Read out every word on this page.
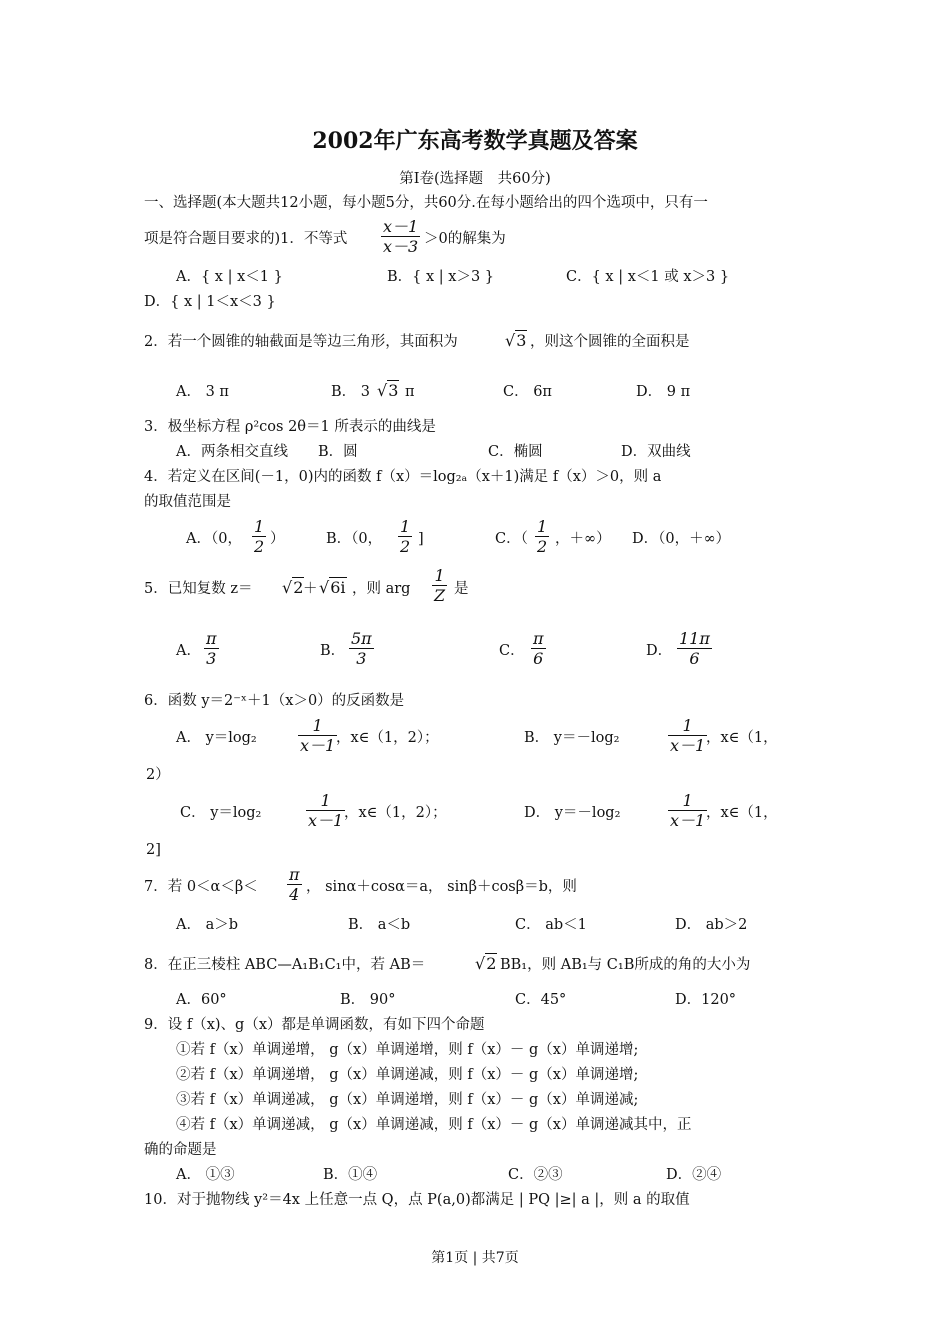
2002年广东高考数学真题及答案
第Ⅰ卷(选择题　共60分)
一、选择题(本大题共12小题，每小题5分，共60分.在每小题给出的四个选项中，只有一
项是符合题目要求的)1．不等式
x－1
x－3 ＞0的解集为
A．{ x | x＜1 }	B．{ x | x＞3 }	C．{ x | x＜1 或 x＞3 }
D．{ x | 1＜x＜3 }
2．若一个圆锥的轴截面是等边三角形，其面积为	√3 ，则这个圆锥的全面积是
A． 3 π	B． 3 √3 π	C． 6π	D． 9 π
3．极坐标方程 ρ²cos 2θ＝1 所表示的曲线是
A．两条相交直线 B．圆	C．椭圆	D．双曲线
4．若定义在区间(－1，0)内的函数 f（x）＝log₂ₐ（x＋1)满足 f（x）＞0，则 a
的取值范围是
A．（0，
1
2 ）	B．（0，
1
2 ]	C．（
1
2 ，＋∞） D．（0，＋∞）
5．已知复数 z＝ √2 ＋ √6i ，则 arg
1
Z 是
A．
π
3	B．
5π
3	C．
π
6	D．
11π
6
6．函数 y＝2⁻ˣ＋1（x＞0）的反函数是
A． y＝log₂
1
x－1 ，x∈（1，2）；	B． y＝－log₂
1
x－1 ，x∈（1，
2）
C． y＝log₂
1
x－1 ，x∈（1，2）；	D． y＝－log₂
1
x－1 ，x∈（1，
2]
7．若 0＜α＜β＜
π
4 ， sinα＋cosα＝a， sinβ＋cosβ＝b，则
A． a＞b	B． a＜b	C． ab＜1	D． ab＞2
8．在正三棱柱 ABC—A₁B₁C₁中，若 AB＝	√2 BB₁，则 AB₁与 C₁B所成的角的大小为
A．60°	B． 90°	C．45°	D．120°
9．设 f（x)、g（x）都是单调函数，有如下四个命题
①若 f（x）单调递增， g（x）单调递增，则 f（x）－ g（x）单调递增;
②若 f（x）单调递增， g（x）单调递减，则 f（x）－ g（x）单调递增;
③若 f（x）单调递减， g（x）单调递增，则 f（x）－ g（x）单调递减;
④若 f（x）单调递减， g（x）单调递减，则 f（x）－ g（x）单调递减其中，正
确的命题是
A． ①③	B．①④	C．②③	D．②④
10．对于抛物线 y²＝4x 上任意一点 Q，点 P(a,0)都满足 | PQ |≥| a |，则 a 的取值
第1页 | 共7页
